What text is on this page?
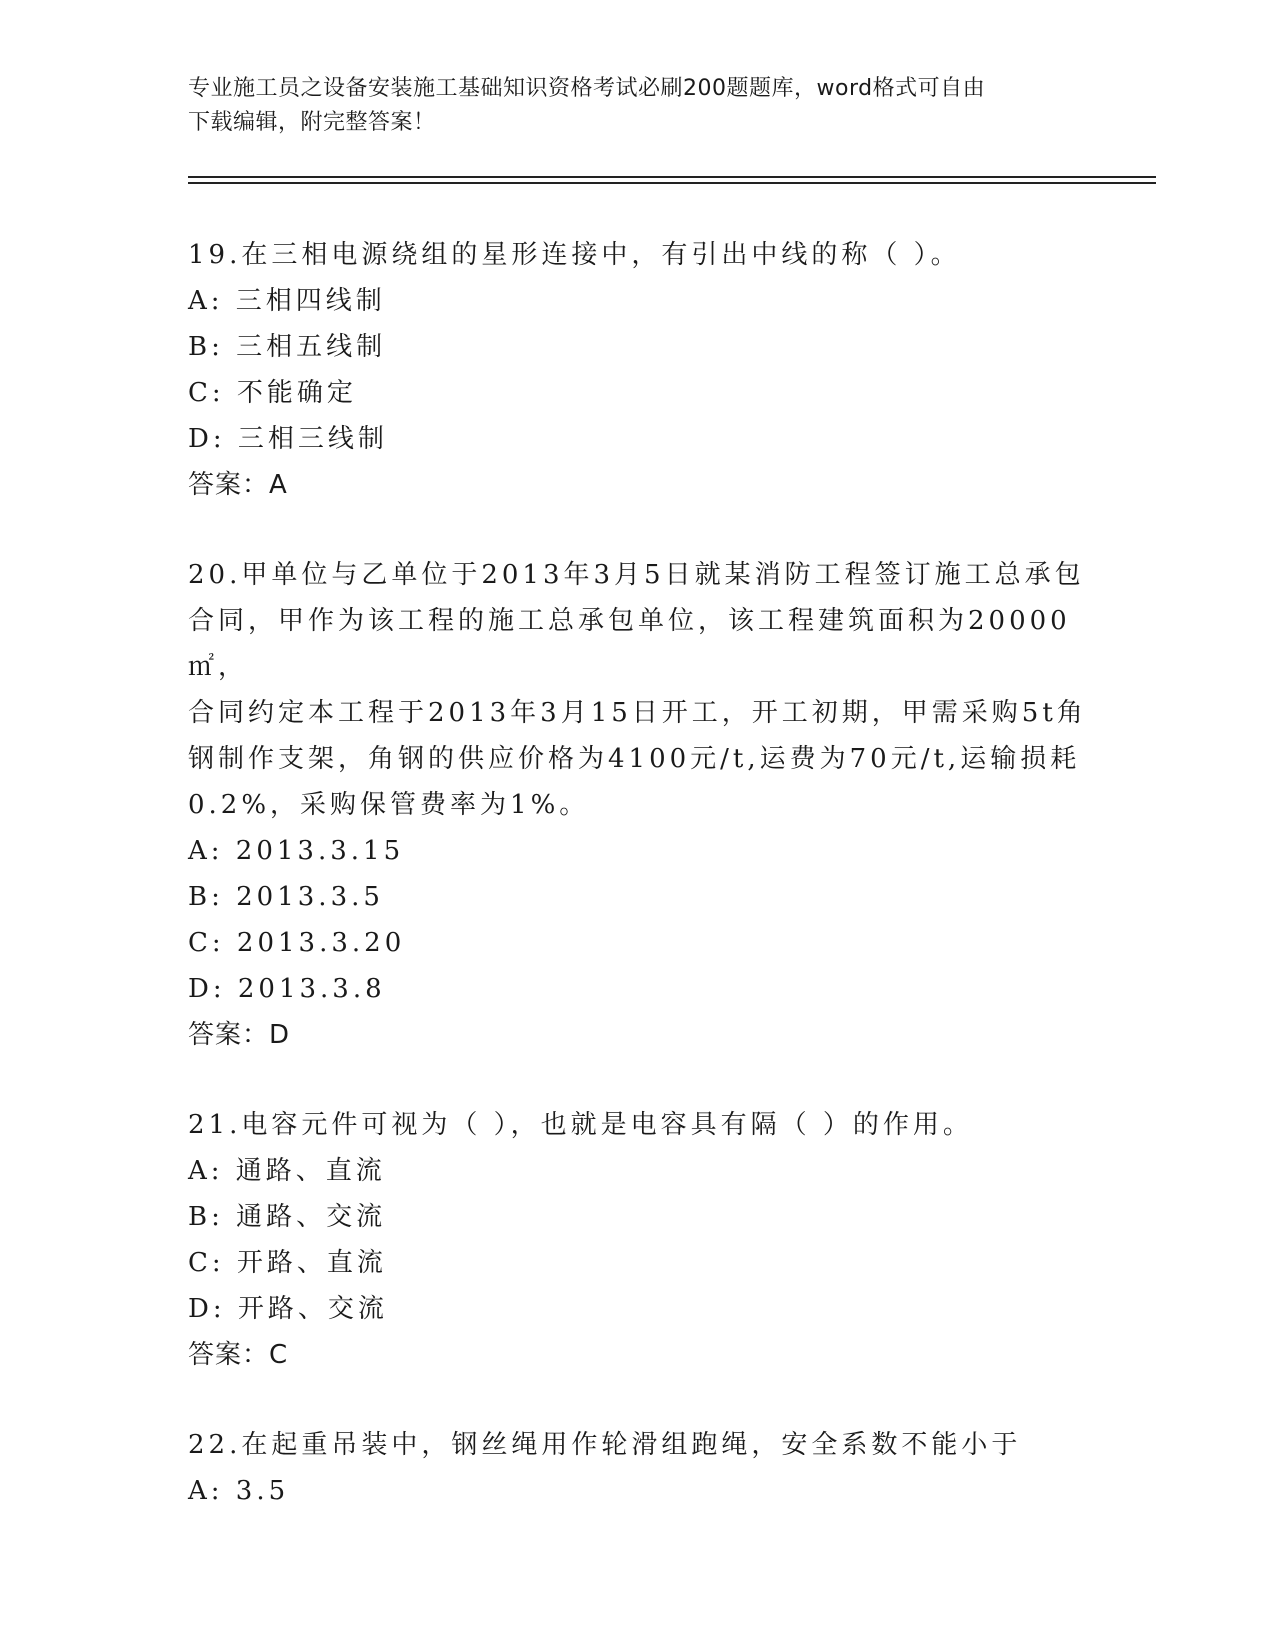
专业施工员之设备安装施工基础知识资格考试必刷200题题库，word格式可自由
下载编辑，附完整答案！
19.在三相电源绕组的星形连接中，有引出中线的称（ ）。
A: 三相四线制
B: 三相五线制
C: 不能确定
D: 三相三线制
答案：A
20.甲单位与乙单位于2013年3月5日就某消防工程签订施工总承包
合同，甲作为该工程的施工总承包单位，该工程建筑面积为20000㎡，
合同约定本工程于2013年3月15日开工，开工初期，甲需采购5t角
钢制作支架，角钢的供应价格为4100元/t,运费为70元/t,运输损耗
0.2%，采购保管费率为1%。
A: 2013.3.15
B: 2013.3.5
C: 2013.3.20
D: 2013.3.8
答案：D
21.电容元件可视为（ ），也就是电容具有隔（ ）的作用。
A: 通路、直流
B: 通路、交流
C: 开路、直流
D: 开路、交流
答案：C
22.在起重吊装中，钢丝绳用作轮滑组跑绳，安全系数不能小于
A: 3.5
